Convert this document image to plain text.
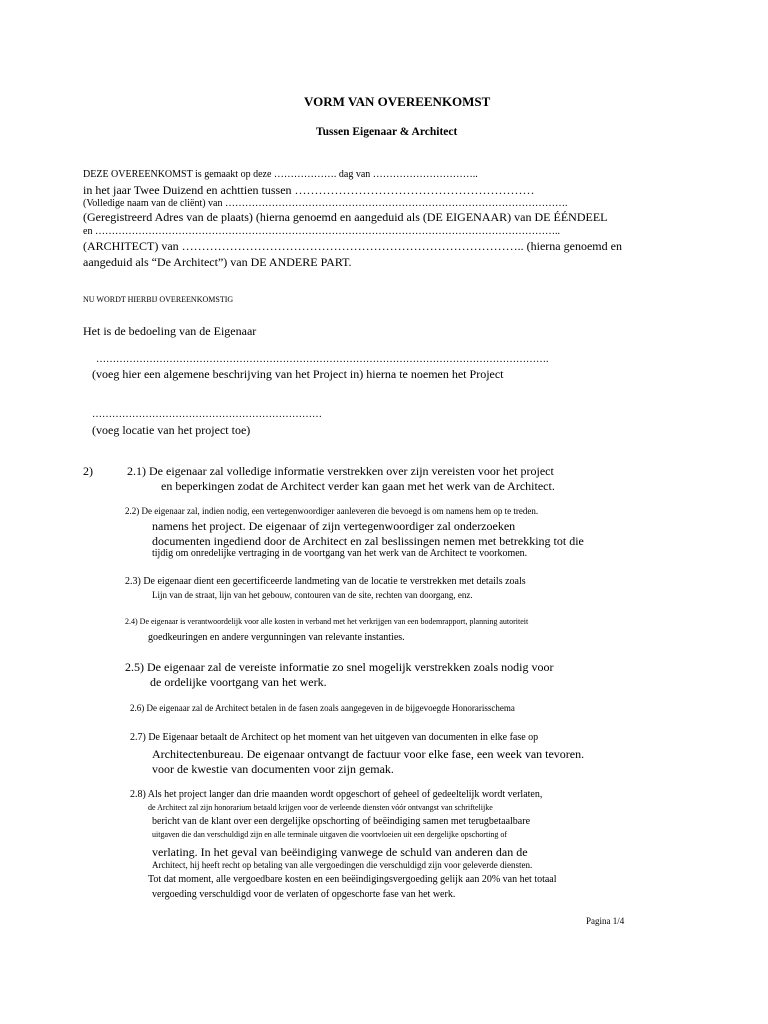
VORM VAN OVEREENKOMST
Tussen Eigenaar & Architect
DEZE OVEREENKOMST is gemaakt op deze ………………. dag van …………………………..
in het jaar Twee Duizend en achttien tussen ……………………………………………………
(Volledige naam van de cliënt) van ………………………………………………………………………………………….
(Geregistreerd Adres van de plaats) (hierna genoemd en aangeduid als (DE EIGENAAR) van DE ÉÉNDEEL
en …………………………………………………………………………………………………………………………..
(ARCHITECT) van ………………………………………………………………………….. (hierna genoemd en
aangeduid als “De Architect”) van DE ANDERE PART.
NU WORDT HIERBIJ OVEREENKOMSTIG
Het is de bedoeling van de Eigenaar
……………………………………………………………………………………………………………………….
(voeg hier een algemene beschrijving van het Project in) hierna te noemen het Project
……………………………………………………………
(voeg locatie van het project toe)
2)	2.1) De eigenaar zal volledige informatie verstrekken over zijn vereisten voor het project
en beperkingen zodat de Architect verder kan gaan met het werk van de Architect.
2.2) De eigenaar zal, indien nodig, een vertegenwoordiger aanleveren die bevoegd is om namens hem op te treden.
namens het project. De eigenaar of zijn vertegenwoordiger zal onderzoeken
documenten ingediend door de Architect en zal beslissingen nemen met betrekking tot die
tijdig om onredelijke vertraging in de voortgang van het werk van de Architect te voorkomen.
2.3) De eigenaar dient een gecertificeerde landmeting van de locatie te verstrekken met details zoals
Lijn van de straat, lijn van het gebouw, contouren van de site, rechten van doorgang, enz.
2.4) De eigenaar is verantwoordelijk voor alle kosten in verband met het verkrijgen van een bodemrapport, planning autoriteit
goedkeuringen en andere vergunningen van relevante instanties.
2.5) De eigenaar zal de vereiste informatie zo snel mogelijk verstrekken zoals nodig voor
de ordelijke voortgang van het werk.
2.6) De eigenaar zal de Architect betalen in de fasen zoals aangegeven in de bijgevoegde Honorarisschema
2.7) De Eigenaar betaalt de Architect op het moment van het uitgeven van documenten in elke fase op
Architectenbureau. De eigenaar ontvangt de factuur voor elke fase, een week van tevoren.
voor de kwestie van documenten voor zijn gemak.
2.8) Als het project langer dan drie maanden wordt opgeschort of geheel of gedeeltelijk wordt verlaten,
de Architect zal zijn honorarium betaald krijgen voor de verleende diensten vóór ontvangst van schriftelijke
bericht van de klant over een dergelijke opschorting of beëindiging samen met terugbetaalbare
uitgaven die dan verschuldigd zijn en alle terminale uitgaven die voortvloeien uit een dergelijke opschorting of
verlating. In het geval van beëindiging vanwege de schuld van anderen dan de
Architect, hij heeft recht op betaling van alle vergoedingen die verschuldigd zijn voor geleverde diensten.
Tot dat moment, alle vergoedbare kosten en een beëindigingsvergoeding gelijk aan 20% van het totaal
vergoeding verschuldigd voor de verlaten of opgeschorte fase van het werk.
Pagina 1/4
